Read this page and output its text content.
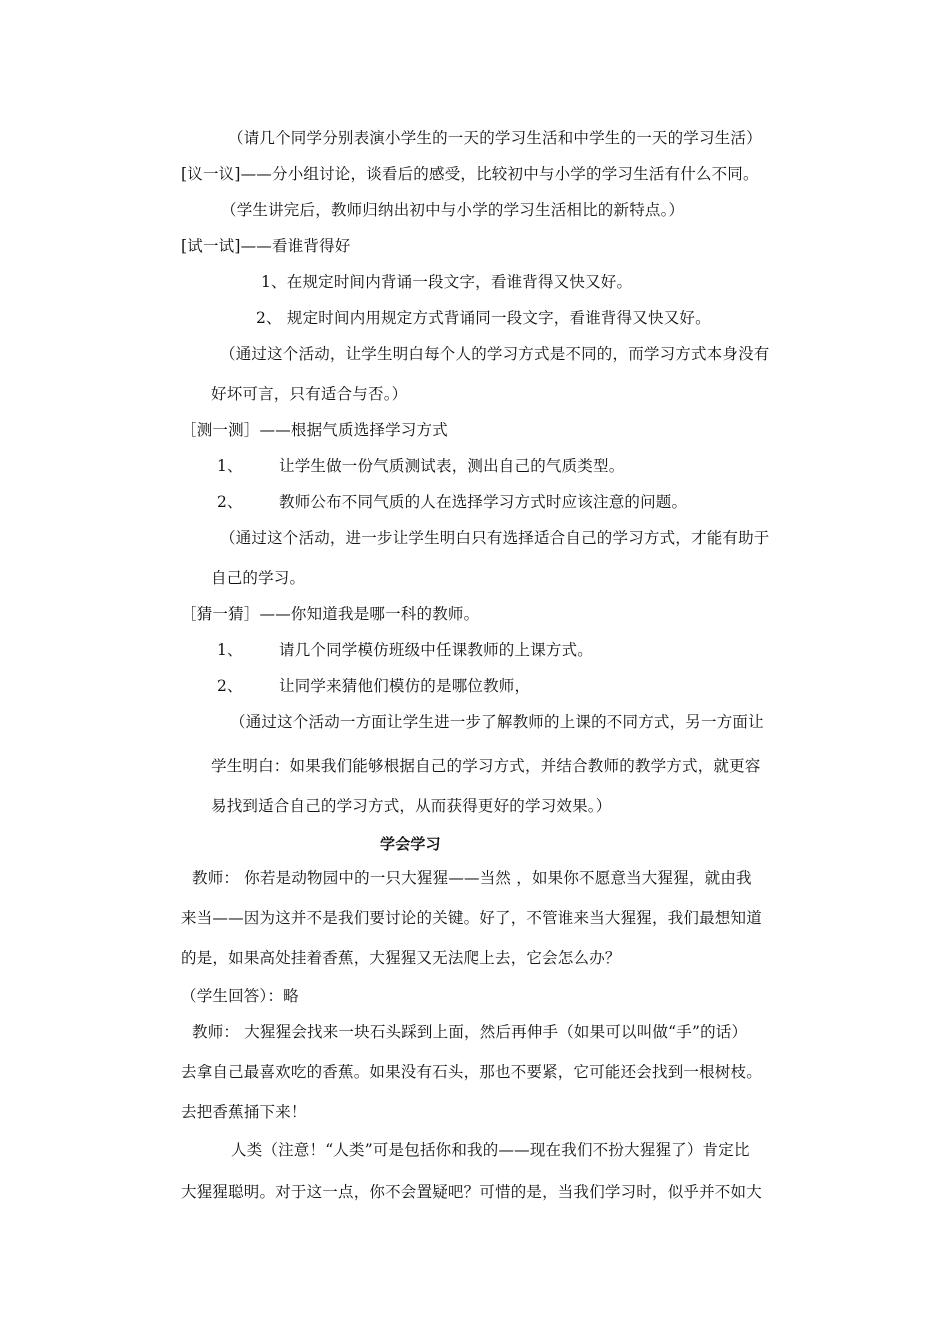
（请几个同学分别表演小学生的一天的学习生活和中学生的一天的学习生活）
[议一议]——分小组讨论，谈看后的感受，比较初中与小学的学习生活有什么不同。
（学生讲完后，教师归纳出初中与小学的学习生活相比的新特点。）
[试一试]——看谁背得好
1、在规定时间内背诵一段文字，看谁背得又快又好。
2、 规定时间内用规定方式背诵同一段文字，看谁背得又快又好。
（通过这个活动，让学生明白每个人的学习方式是不同的，而学习方式本身没有
好坏可言，只有适合与否。）
［测一测］——根据气质选择学习方式
1、 让学生做一份气质测试表，测出自己的气质类型。
2、 教师公布不同气质的人在选择学习方式时应该注意的问题。
（通过这个活动，进一步让学生明白只有选择适合自己的学习方式，才能有助于
自己的学习。
［猜一猜］——你知道我是哪一科的教师。
1、 请几个同学模仿班级中任课教师的上课方式。
2、 让同学来猜他们模仿的是哪位教师，
（通过这个活动一方面让学生进一步了解教师的上课的不同方式，另一方面让
学生明白：如果我们能够根据自己的学习方式，并结合教师的教学方式，就更容
易找到适合自己的学习方式，从而获得更好的学习效果。）
学会学习
教师： 你若是动物园中的一只大猩猩——当然 ，如果你不愿意当大猩猩，就由我
来当——因为这并不是我们要讨论的关键。好了，不管谁来当大猩猩，我们最想知道
的是，如果高处挂着香蕉，大猩猩又无法爬上去，它会怎么办？
（学生回答）：略
教师： 大猩猩会找来一块石头踩到上面，然后再伸手（如果可以叫做“手”的话）
去拿自己最喜欢吃的香蕉。如果没有石头，那也不要紧，它可能还会找到一根树枝。
去把香蕉捅下来！
人类（注意！“人类”可是包括你和我的——现在我们不扮大猩猩了）肯定比
大猩猩聪明。对于这一点，你不会置疑吧？可惜的是，当我们学习时，似乎并不如大
